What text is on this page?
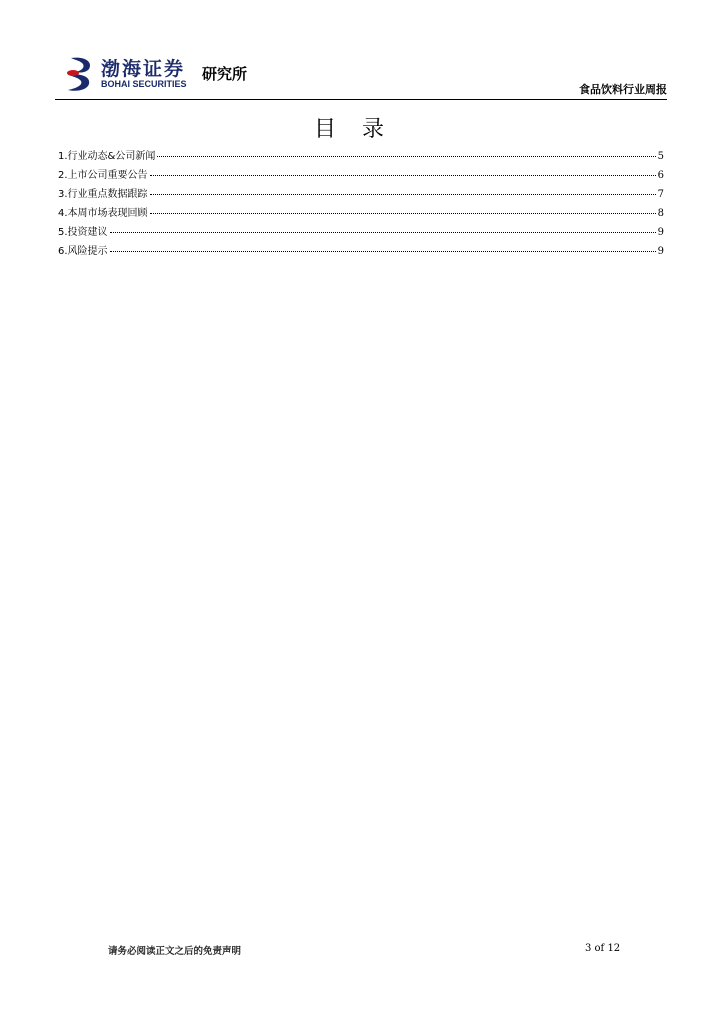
渤海证券
BOHAI SECURITIES
研究所
食品饮料行业周报
目录
1.行业动态&公司新闻	5
2.上市公司重要公告	6
3.行业重点数据跟踪	7
4.本周市场表现回顾	8
5.投资建议	9
6.风险提示	9
请务必阅读正文之后的免责声明	3 of 12
